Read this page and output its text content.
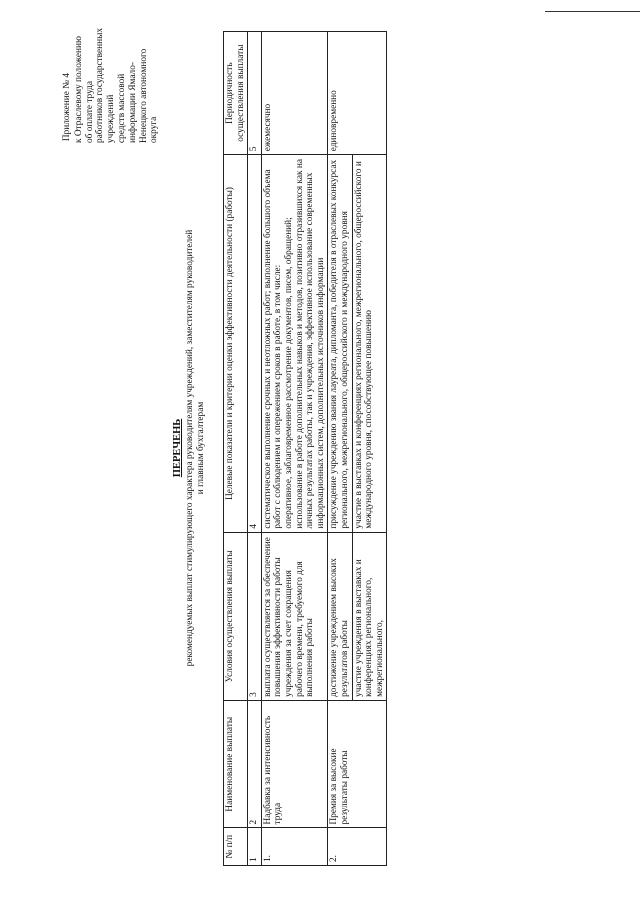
Приложение № 4 к Отраслевому положению об оплате труда работников государственных учреждений средств массовой информации Ямало- Ненецкого автономного округа
ПЕРЕЧЕНЬ рекомендуемых выплат стимулирующего характера руководителям учреждений, заместителям руководителей и главным бухгалтерам
№ п/п	Наименование выплаты	Условия осуществления выплаты	Целевые показатели и критерии оценки эффективности деятельности (работы)	Периодичность осуществления выплаты
1	2	3	4	5
1.	Надбавка за интенсивность труда	выплата осуществляется за обеспечение повышения эффективности работы учреждения за счет сокращения рабочего времени, требуемого для выполнения работы	систематическое выполнение срочных и неотложных работ; выполнение большого объема работ с соблюдением и опережением сроков в работе, в том числе: оперативное, заблаговременное рассмотрение документов, писем, обращений; использование в работе дополнительных навыков и методов, позитивно отразившихся как на личных результатах работы, так и учреждения, эффективное использование современных информационных систем, дополнительных источников информации	ежемесячно
2.	Премия за высокие результаты работы	достижение учреждением высоких результатов работы	присуждение учреждению звания лауреата, дипломанта, победителя в отраслевых конкурсах регионального, межрегионального, общероссийского и международного уровня	единовременно
		участие учреждения в выставках и конференциях регионального, межрегионального,	участие в выставках и конференциях регионального, межрегионального, общероссийского и международного уровня, способствующее повышению	
